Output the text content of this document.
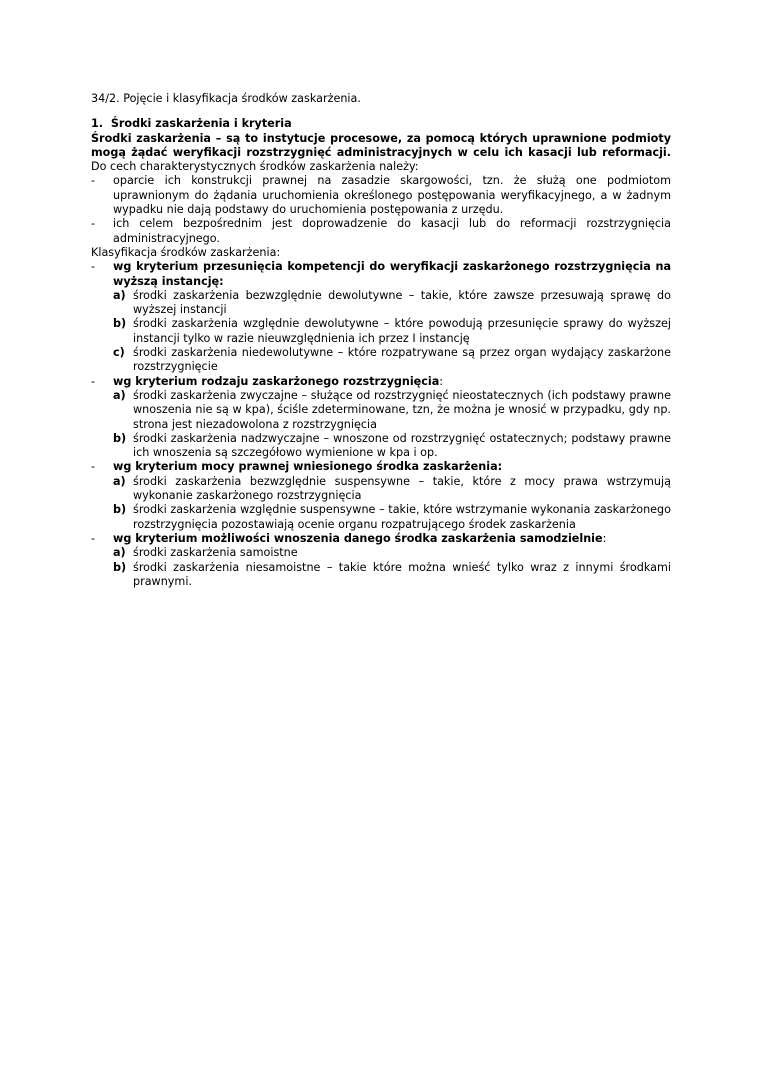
34/2. Pojęcie i klasyfikacja środków zaskarżenia.

1. Środki zaskarżenia i kryteria

Środki zaskarżenia – są to instytucje procesowe, za pomocą których uprawnione podmioty mogą żądać weryfikacji rozstrzygnięć administracyjnych w celu ich kasacji lub reformacji. Do cech charakterystycznych środków zaskarżenia należy:

- oparcie ich konstrukcji prawnej na zasadzie skargowości, tzn. że służą one podmiotom uprawnionym do żądania uruchomienia określonego postępowania weryfikacyjnego, a w żadnym wypadku nie dają podstawy do uruchomienia postępowania z urzędu.
- ich celem bezpośrednim jest doprowadzenie do kasacji lub do reformacji rozstrzygnięcia administracyjnego.

Klasyfikacja środków zaskarżenia:

- wg kryterium przesunięcia kompetencji do weryfikacji zaskarżonego rozstrzygnięcia na wyższą instancję:
a) środki zaskarżenia bezwzględnie dewolutywne – takie, które zawsze przesuwają sprawę do wyższej instancji
b) środki zaskarżenia względnie dewolutywne – które powodują przesunięcie sprawy do wyższej instancji tylko w razie nieuwzględnienia ich przez I instancję
c) środki zaskarżenia niedewolutywne – które rozpatrywane są przez organ wydający zaskarżone rozstrzygnięcie
- wg kryterium rodzaju zaskarżonego rozstrzygnięcia:
a) środki zaskarżenia zwyczajne – służące od rozstrzygnięć nieostatecznych (ich podstawy prawne wnoszenia nie są w kpa), ściśle zdeterminowane, tzn, że można je wnosić w przypadku, gdy np. strona jest niezadowolona z rozstrzygnięcia
b) środki zaskarżenia nadzwyczajne – wnoszone od rozstrzygnięć ostatecznych; podstawy prawne ich wnoszenia są szczegółowo wymienione w kpa i op.
- wg kryterium mocy prawnej wniesionego środka zaskarżenia:
a) środki zaskarżenia bezwzględnie suspensywne – takie, które z mocy prawa wstrzymują wykonanie zaskarżonego rozstrzygnięcia
b) środki zaskarżenia względnie suspensywne – takie, które wstrzymanie wykonania zaskarżonego rozstrzygnięcia pozostawiają ocenie organu rozpatrującego środek zaskarżenia
- wg kryterium możliwości wnoszenia danego środka zaskarżenia samodzielnie:
a) środki zaskarżenia samoistne
b) środki zaskarżenia niesamoistne – takie które można wnieść tylko wraz z innymi środkami prawnymi.
